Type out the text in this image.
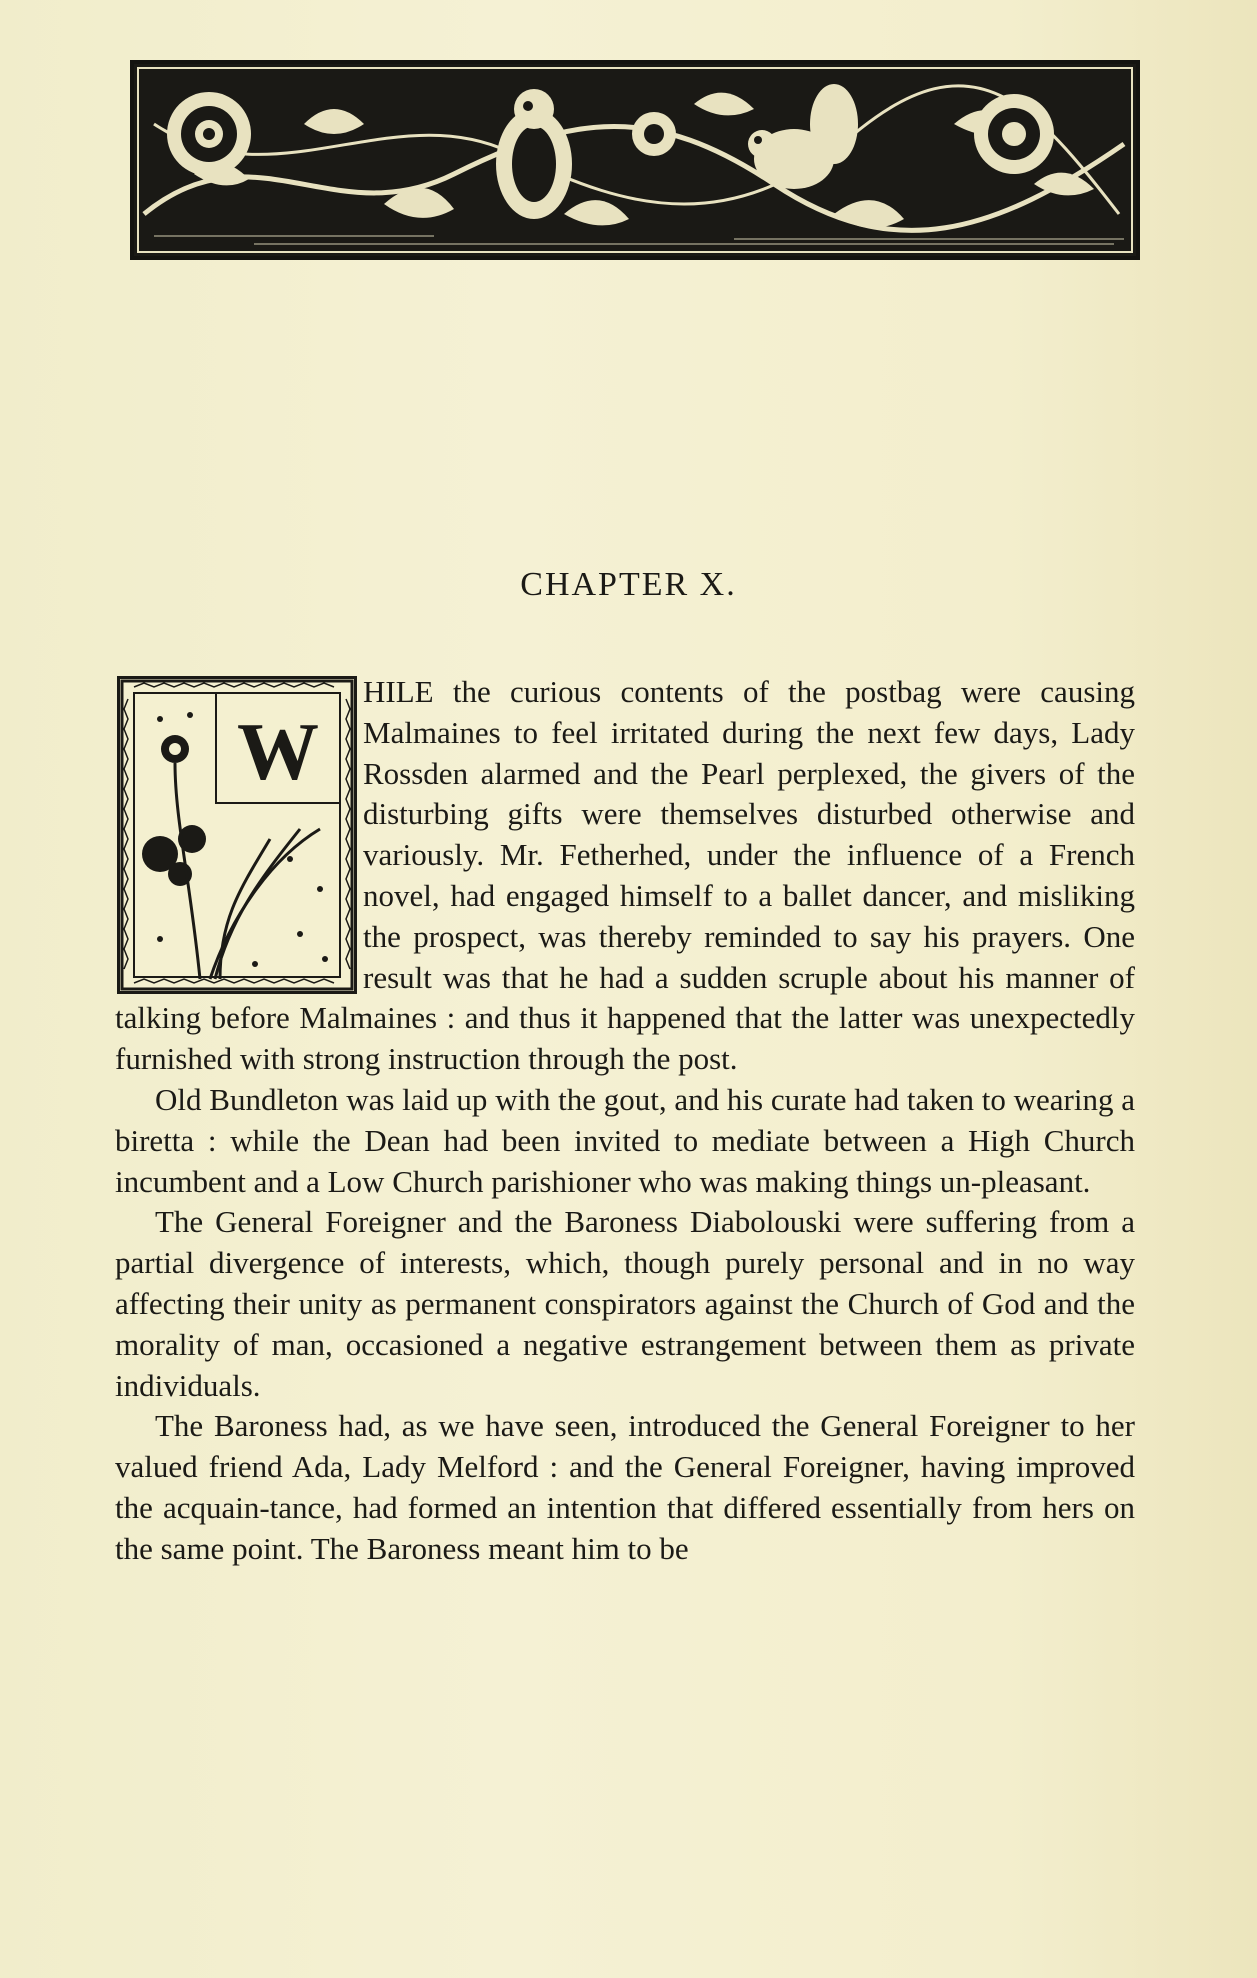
CHAPTER X.
W

HILE the curious contents of the postbag were causing Malmaines to feel irritated during the next few days, Lady Rossden alarmed and the Pearl perplexed, the givers of the disturbing gifts were themselves disturbed otherwise and variously. Mr. Fetherhed, under the influence of a French novel, had engaged himself to a ballet dancer, and misliking the prospect, was thereby reminded to say his prayers. One result was that he had a sudden scruple about his manner of talking before Malmaines : and thus it happened that the latter was unexpectedly furnished with strong instruction through the post.

Old Bundleton was laid up with the gout, and his curate had taken to wearing a biretta : while the Dean had been invited to mediate between a High Church incumbent and a Low Church parishioner who was making things un-pleasant.

The General Foreigner and the Baroness Diabolouski were suffering from a partial divergence of interests, which, though purely personal and in no way affecting their unity as permanent conspirators against the Church of God and the morality of man, occasioned a negative estrangement between them as private individuals.

The Baroness had, as we have seen, introduced the General Foreigner to her valued friend Ada, Lady Melford : and the General Foreigner, having improved the acquain-tance, had formed an intention that differed essentially from hers on the same point. The Baroness meant him to be
